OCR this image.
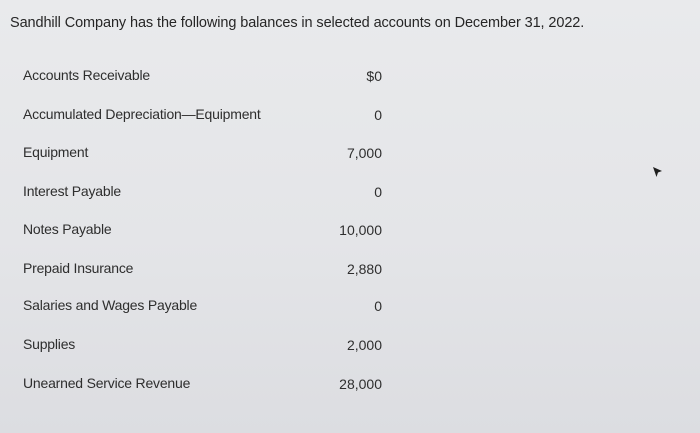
Sandhill Company has the following balances in selected accounts on December 31, 2022.
Accounts Receivable	$0
Accumulated Depreciation—Equipment	0
Equipment	7,000
Interest Payable	0
Notes Payable	10,000
Prepaid Insurance	2,880
Salaries and Wages Payable	0
Supplies	2,000
Unearned Service Revenue	28,000
